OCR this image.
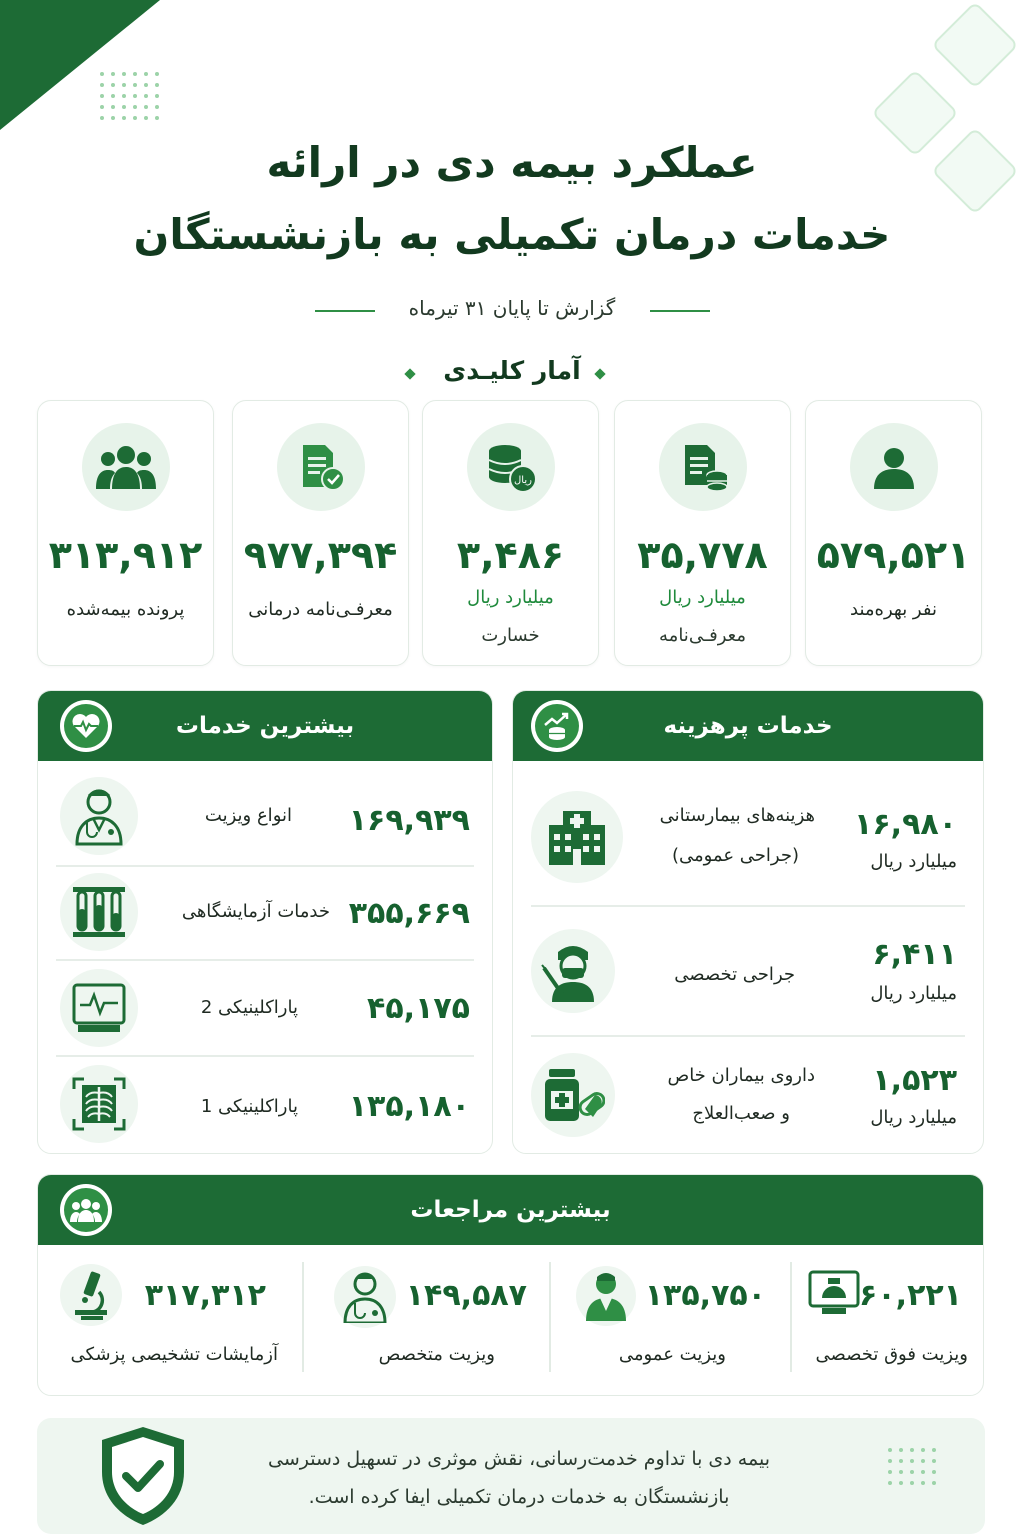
عملکرد بیمه دی در ارائه
خدمات درمان تکمیلی به بازنشستگان
گزارش تا پایان ۳۱ تیرماه
آمار کلیـدی
۵۷۹,۵۲۱
نفر بهره‌مند
۳۵,۷۷۸
میلیارد ریال
معرفـی‌نامه
ریال
۳,۴۸۶
میلیارد ریال
خسارت
۹۷۷,۳۹۴
معرفـی‌نامه درمانی
۳۱۳,۹۱۲
پرونده بیمه‌شده
خدمات پرهزینه
هزینه‌های بیمارستانی
(جراحی عمومی)
۱۶,۹۸۰
میلیارد ریال
جراحی تخصصی
۶,۴۱۱
میلیارد ریال
داروی بیماران خاص
و صعب‌العلاج
۱,۵۲۳
میلیارد ریال
بیشترین خدمات
انواع ویزیت ۱۶۹,۹۳۹
خدمات آزمایشگاهی ۳۵۵,۶۶۹
پاراکلینیکی 2 ۴۵,۱۷۵
پاراکلینیکی 1 ۱۳۵,۱۸۰
بیشترین مراجعات
۶۰,۲۲۱
ویزیت فوق تخصصی
۱۳۵,۷۵۰
ویزیت عمومی
۱۴۹,۵۸۷
ویزیت متخصص
۳۱۷,۳۱۲
آزمایشات تشخیصی پزشکی
بیمه دی با تداوم خدمت‌رسانی، نقش موثری در تسهیل دسترسی
بازنشستگان به خدمات درمان تکمیلی ایفا کرده است.
